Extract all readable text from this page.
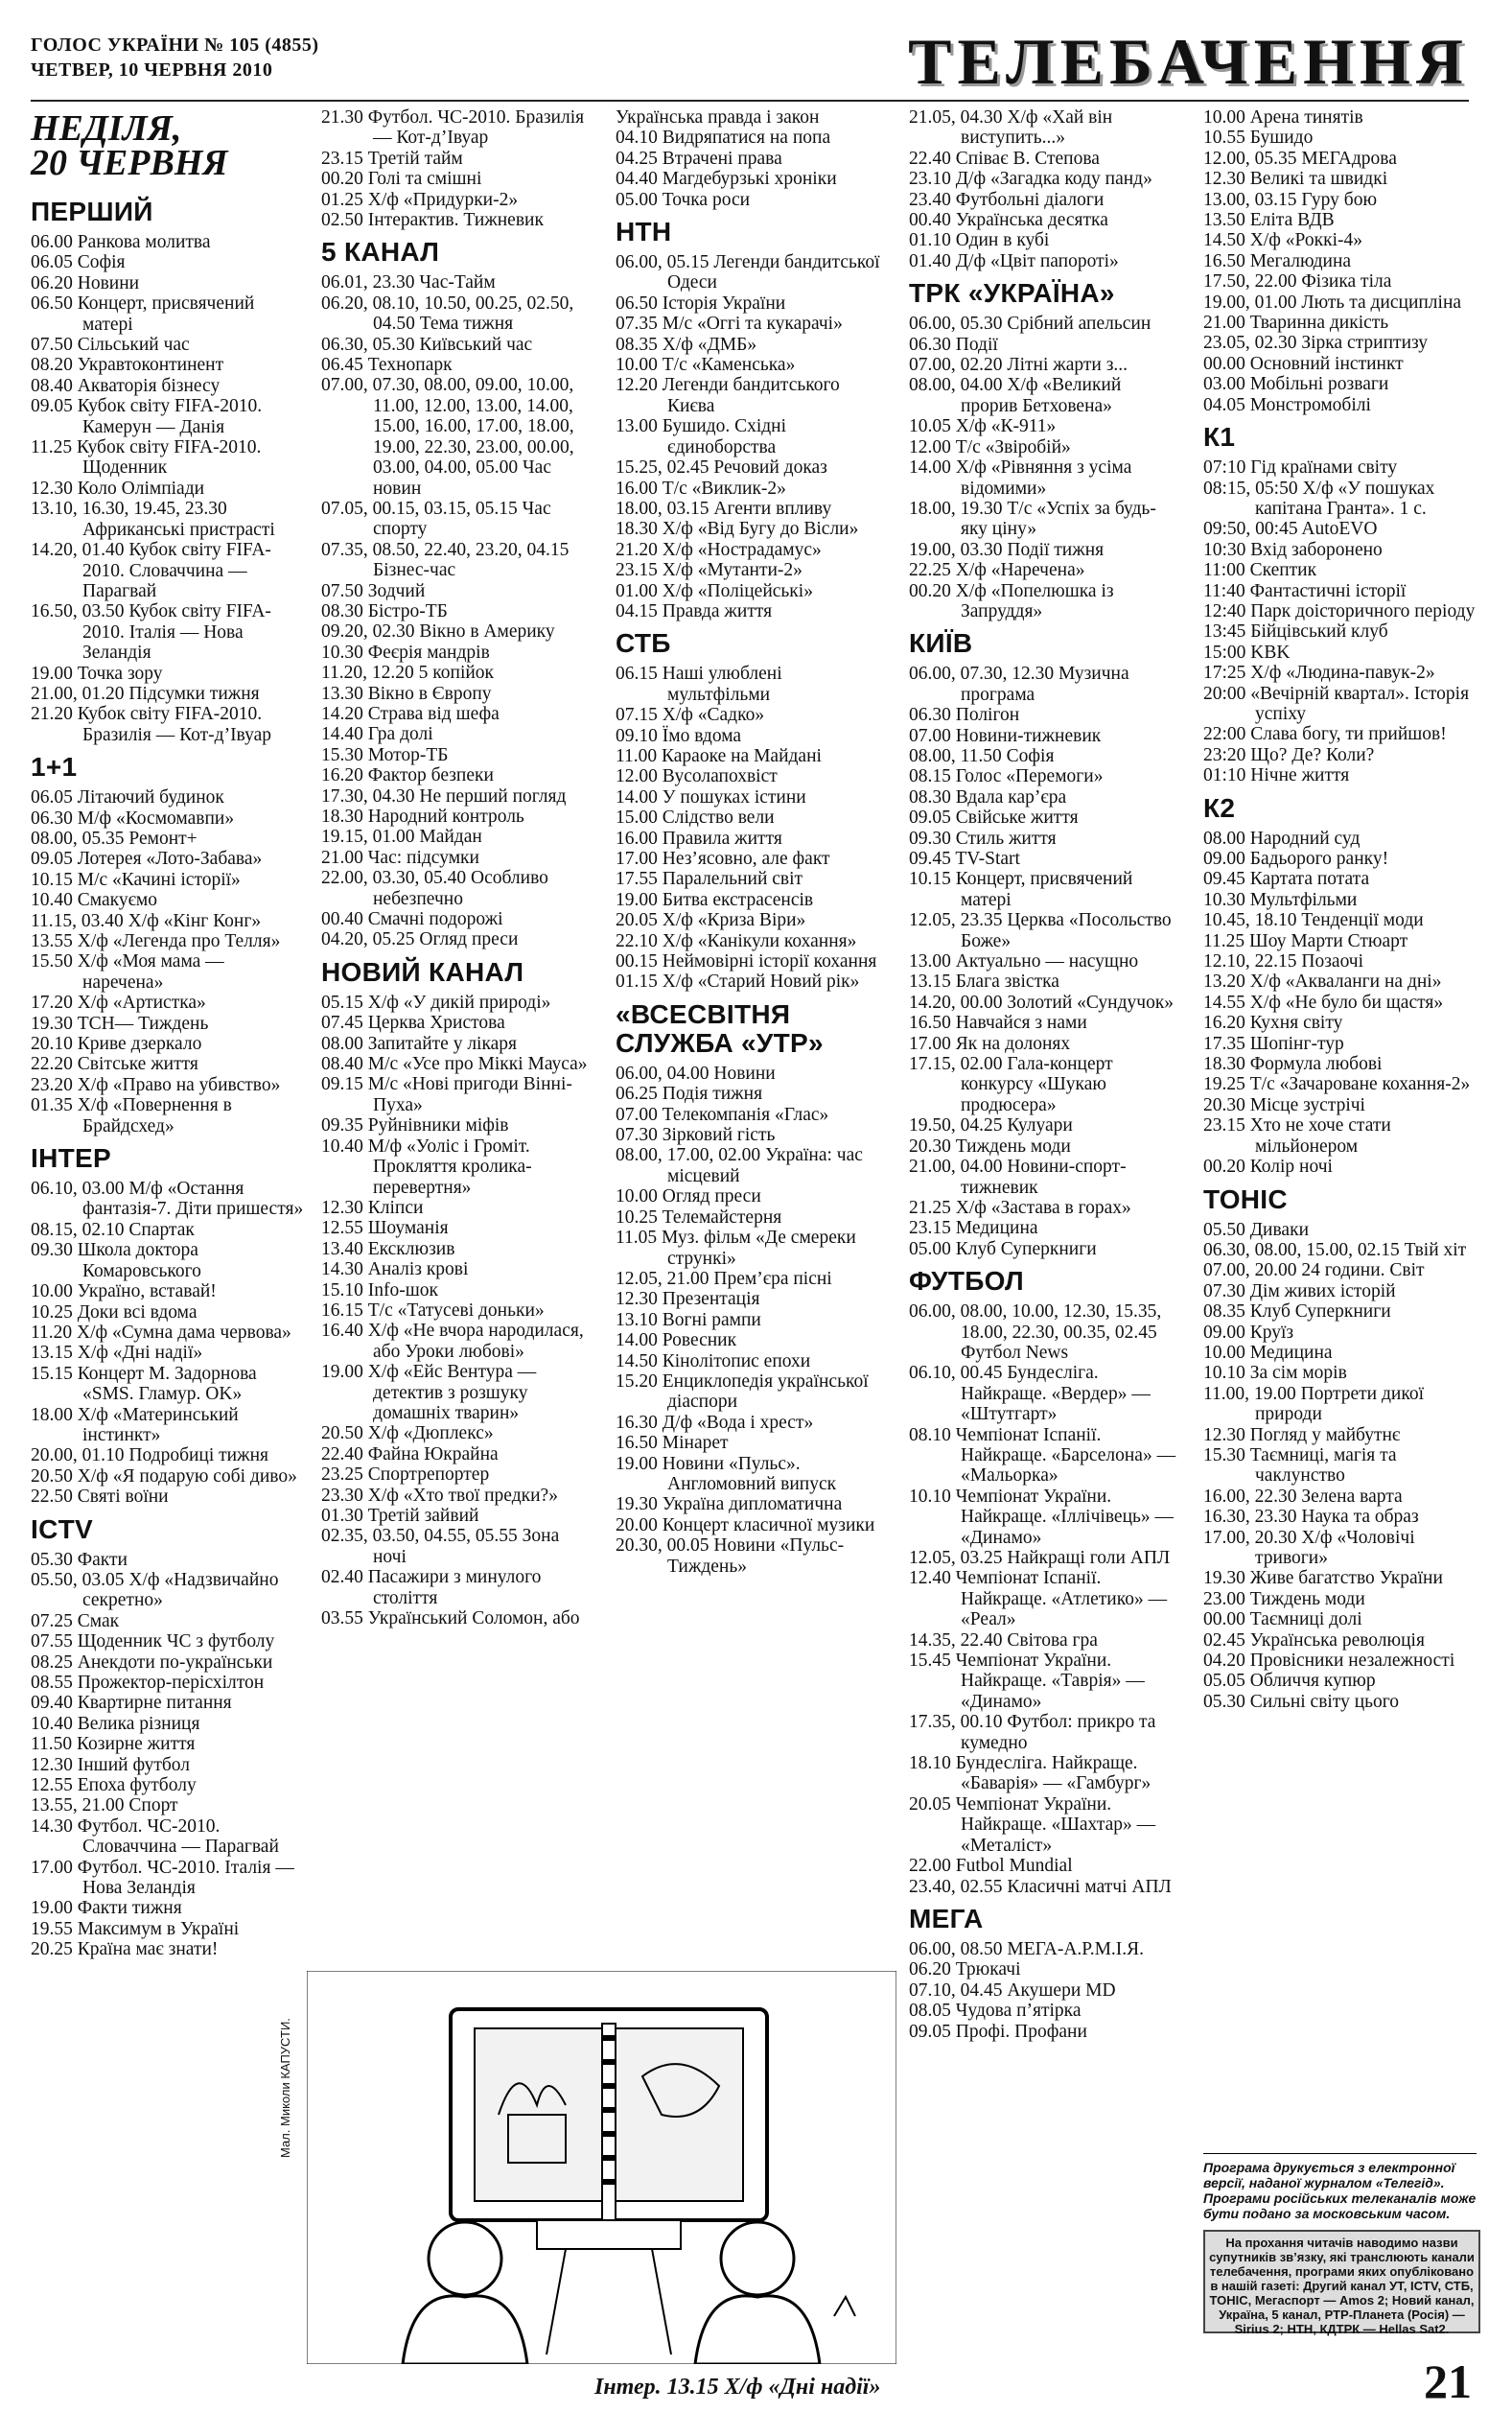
ГОЛОС УКРАЇНИ № 105 (4855)
ЧЕТВЕР, 10 ЧЕРВНЯ 2010	ТЕЛЕБАЧЕННЯ
НЕДІЛЯ,
20 ЧЕРВНЯ
ПЕРШИЙ
06.00 Ранкова молитва
06.05 Софія
06.20 Новини
06.50 Концерт, присвячений матері
07.50 Сільський час
08.20 Укравтоконтинент
08.40 Акваторія бізнесу
09.05 Кубок світу FIFA-2010. Камерун — Данія
11.25 Кубок світу FIFA-2010. Щоденник
12.30 Коло Олімпіади
13.10, 16.30, 19.45, 23.30 Африканські пристрасті
14.20, 01.40 Кубок світу FIFA-2010. Словаччина — Парагвай
16.50, 03.50 Кубок світу FIFA-2010. Італія — Нова Зеландія
19.00 Точка зору
21.00, 01.20 Підсумки тижня
21.20 Кубок світу FIFA-2010. Бразилія — Кот-д’Івуар
1+1
06.05 Літаючий будинок
06.30 М/ф «Космомавпи»
08.00, 05.35 Ремонт+
09.05 Лотерея «Лото-Забава»
10.15 М/с «Качині історії»
10.40 Смакуємо
11.15, 03.40 Х/ф «Кінг Конг»
13.55 Х/ф «Легенда про Телля»
15.50 Х/ф «Моя мама — наречена»
17.20 Х/ф «Артистка»
19.30 ТСН— Тиждень
20.10 Криве дзеркало
22.20 Світське життя
23.20 Х/ф «Право на убивство»
01.35 Х/ф «Повернення в Брайдсхед»
ІНТЕР
06.10, 03.00 М/ф «Остання фантазія-7. Діти пришестя»
08.15, 02.10 Спартак
09.30 Школа доктора Комаровського
10.00 Україно, вставай!
10.25 Доки всі вдома
11.20 Х/ф «Сумна дама червова»
13.15 Х/ф «Дні надії»
15.15 Концерт М. Задорнова «SMS. Гламур. OK»
18.00 Х/ф «Материнський інстинкт»
20.00, 01.10 Подробиці тижня
20.50 Х/ф «Я подарую собі диво»
22.50 Святі воїни
ICTV
05.30 Факти
05.50, 03.05 Х/ф «Надзвичайно секретно»
07.25 Смак
07.55 Щоденник ЧС з футболу
08.25 Анекдоти по-українськи
08.55 Прожектор-перісхілтон
09.40 Квартирне питання
10.40 Велика різниця
11.50 Козирне життя
12.30 Інший футбол
12.55 Епоха футболу
13.55, 21.00 Спорт
14.30 Футбол. ЧС-2010. Словаччина — Парагвай
17.00 Футбол. ЧС-2010. Італія — Нова Зеландія
19.00 Факти тижня
19.55 Максимум в Україні
20.25 Країна має знати!
21.30 Футбол. ЧС-2010. Бразилія — Кот-д’Івуар
23.15 Третій тайм
00.20 Голі та смішні
01.25 Х/ф «Придурки-2»
02.50 Інтерактив. Тижневик
5 КАНАЛ
06.01, 23.30 Час-Тайм
06.20, 08.10, 10.50, 00.25, 02.50, 04.50 Тема тижня
06.30, 05.30 Київський час
06.45 Технопарк
07.00, 07.30, 08.00, 09.00, 10.00, 11.00, 12.00, 13.00, 14.00, 15.00, 16.00, 17.00, 18.00, 19.00, 22.30, 23.00, 00.00, 03.00, 04.00, 05.00 Час новин
07.05, 00.15, 03.15, 05.15 Час спорту
07.35, 08.50, 22.40, 23.20, 04.15 Бізнес-час
07.50 Зодчий
08.30 Бістро-ТБ
09.20, 02.30 Вікно в Америку
10.30 Феєрія мандрів
11.20, 12.20 5 копійок
13.30 Вікно в Європу
14.20 Страва від шефа
14.40 Гра долі
15.30 Мотор-ТБ
16.20 Фактор безпеки
17.30, 04.30 Не перший погляд
18.30 Народний контроль
19.15, 01.00 Майдан
21.00 Час: підсумки
22.00, 03.30, 05.40 Особливо небезпечно
00.40 Смачні подорожі
04.20, 05.25 Огляд преси
НОВИЙ КАНАЛ
05.15 Х/ф «У дикій природі»
07.45 Церква Христова
08.00 Запитайте у лікаря
08.40 М/с «Усе про Міккі Мауса»
09.15 М/с «Нові пригоди Вінні-Пуха»
09.35 Руйнівники міфів
10.40 М/ф «Уоліс і Громіт. Прокляття кролика-перевертня»
12.30 Кліпси
12.55 Шоуманія
13.40 Ексклюзив
14.30 Аналіз крові
15.10 Info-шок
16.15 Т/с «Татусеві доньки»
16.40 Х/ф «Не вчора народилася, або Уроки любові»
19.00 Х/ф «Ейс Вентура — детектив з розшуку домашніх тварин»
20.50 Х/ф «Дюплекс»
22.40 Файна Юкрайна
23.25 Спортрепортер
23.30 Х/ф «Хто твої предки?»
01.30 Третій зайвий
02.35, 03.50, 04.55, 05.55 Зона ночі
02.40 Пасажири з минулого століття
03.55 Український Соломон, або
Українська правда і закон
04.10 Видряпатися на попа
04.25 Втрачені права
04.40 Магдебурзькі хроніки
05.00 Точка роси
НТН
06.00, 05.15 Легенди бандитської Одеси
06.50 Історія України
07.35 М/с «Оггі та кукарачі»
08.35 Х/ф «ДМБ»
10.00 Т/с «Каменська»
12.20 Легенди бандитського Києва
13.00 Бушидо. Східні єдиноборства
15.25, 02.45 Речовий доказ
16.00 Т/с «Виклик-2»
18.00, 03.15 Агенти впливу
18.30 Х/ф «Від Бугу до Вісли»
21.20 Х/ф «Нострадамус»
23.15 Х/ф «Мутанти-2»
01.00 Х/ф «Поліцейські»
04.15 Правда життя
СТБ
06.15 Наші улюблені мультфільми
07.15 Х/ф «Садко»
09.10 Їмо вдома
11.00 Караоке на Майдані
12.00 Вусолапохвіст
14.00 У пошуках істини
15.00 Слідство вели
16.00 Правила життя
17.00 Нез’ясовно, але факт
17.55 Паралельний світ
19.00 Битва екстрасенсів
20.05 Х/ф «Криза Віри»
22.10 Х/ф «Канікули кохання»
00.15 Неймовірні історії кохання
01.15 Х/ф «Старий Новий рік»
«ВСЕСВІТНЯ СЛУЖБА «УТР»
06.00, 04.00 Новини
06.25 Подія тижня
07.00 Телекомпанія «Глас»
07.30 Зірковий гість
08.00, 17.00, 02.00 Україна: час місцевий
10.00 Огляд преси
10.25 Телемайстерня
11.05 Муз. фільм «Де смереки стрункі»
12.05, 21.00 Прем’єра пісні
12.30 Презентація
13.10 Вогні рампи
14.00 Ровесник
14.50 Кінолітопис епохи
15.20 Енциклопедія української діаспори
16.30 Д/ф «Вода і хрест»
16.50 Мінарет
19.00 Новини «Пульс». Англомовний випуск
19.30 Україна дипломатична
20.00 Концерт класичної музики
20.30, 00.05 Новини «Пульс-Тиждень»
21.05, 04.30 Х/ф «Хай він виступить...»
22.40 Співає В. Степова
23.10 Д/ф «Загадка коду панд»
23.40 Футбольні діалоги
00.40 Українська десятка
01.10 Один в кубі
01.40 Д/ф «Цвіт папороті»
ТРК «УКРАЇНА»
06.00, 05.30 Срібний апельсин
06.30 Події
07.00, 02.20 Літні жарти з...
08.00, 04.00 Х/ф «Великий прорив Бетховена»
10.05 Х/ф «К-911»
12.00 Т/с «Звіробій»
14.00 Х/ф «Рівняння з усіма відомими»
18.00, 19.30 Т/с «Успіх за будь-яку ціну»
19.00, 03.30 Події тижня
22.25 Х/ф «Наречена»
00.20 Х/ф «Попелюшка із Запруддя»
КИЇВ
06.00, 07.30, 12.30 Музична програма
06.30 Полігон
07.00 Новини-тижневик
08.00, 11.50 Софія
08.15 Голос «Перемоги»
08.30 Вдала кар’єра
09.05 Свійське життя
09.30 Стиль життя
09.45 TV-Start
10.15 Концерт, присвячений матері
12.05, 23.35 Церква «Посольство Боже»
13.00 Актуально — насущно
13.15 Блага звістка
14.20, 00.00 Золотий «Сундучок»
16.50 Навчайся з нами
17.00 Як на долонях
17.15, 02.00 Гала-концерт конкурсу «Шукаю продюсера»
19.50, 04.25 Кулуари
20.30 Тиждень моди
21.00, 04.00 Новини-спорт-тижневик
21.25 Х/ф «Застава в горах»
23.15 Медицина
05.00 Клуб Суперкниги
ФУТБОЛ
06.00, 08.00, 10.00, 12.30, 15.35, 18.00, 22.30, 00.35, 02.45 Футбол News
06.10, 00.45 Бундесліга. Найкраще. «Вердер» — «Штутгарт»
08.10 Чемпіонат Іспанії. Найкраще. «Барселона» — «Мальорка»
10.10 Чемпіонат України. Найкраще. «Іллічівець» — «Динамо»
12.05, 03.25 Найкращі голи АПЛ
12.40 Чемпіонат Іспанії. Найкраще. «Атлетико» — «Реал»
14.35, 22.40 Світова гра
15.45 Чемпіонат України. Найкраще. «Таврія» — «Динамо»
17.35, 00.10 Футбол: прикро та кумедно
18.10 Бундесліга. Найкраще. «Баварія» — «Гамбург»
20.05 Чемпіонат України. Найкраще. «Шахтар» — «Металіст»
22.00 Futbol Mundial
23.40, 02.55 Класичні матчі АПЛ
МЕГА
06.00, 08.50 МЕГА-А.Р.М.І.Я.
06.20 Трюкачі
07.10, 04.45 Акушери MD
08.05 Чудова п’ятірка
09.05 Профі. Профани
10.00 Арена тинятів
10.55 Бушидо
12.00, 05.35 МЕГАдрова
12.30 Великі та швидкі
13.00, 03.15 Гуру бою
13.50 Еліта ВДВ
14.50 Х/ф «Роккі-4»
16.50 Мегалюдина
17.50, 22.00 Фізика тіла
19.00, 01.00 Лють та дисципліна
21.00 Тваринна дикість
23.05, 02.30 Зірка стриптизу
00.00 Основний інстинкт
03.00 Мобільні розваги
04.05 Монстромобілі
К1
07:10 Гід країнами світу
08:15, 05:50 Х/ф «У пошуках капітана Гранта». 1 с.
09:50, 00:45 AutoEVO
10:30 Вхід заборонено
11:00 Скептик
11:40 Фантастичні історії
12:40 Парк доісторичного періоду
13:45 Бійцівський клуб
15:00 KBK
17:25 Х/ф «Людина-павук-2»
20:00 «Вечірній квартал». Історія успіху
22:00 Слава богу, ти прийшов!
23:20 Що? Де? Коли?
01:10 Нічне життя
К2
08.00 Народний суд
09.00 Бадьорого ранку!
09.45 Картата потата
10.30 Мультфільми
10.45, 18.10 Тенденції моди
11.25 Шоу Марти Стюарт
12.10, 22.15 Позаочі
13.20 Х/ф «Акваланги на дні»
14.55 Х/ф «Не було би щастя»
16.20 Кухня світу
17.35 Шопінг-тур
18.30 Формула любові
19.25 Т/с «Зачароване кохання-2»
20.30 Місце зустрічі
23.15 Хто не хоче стати мільйонером
00.20 Колір ночі
ТОНІС
05.50 Диваки
06.30, 08.00, 15.00, 02.15 Твій хіт
07.00, 20.00 24 години. Світ
07.30 Дім живих історій
08.35 Клуб Суперкниги
09.00 Круїз
10.00 Медицина
10.10 За сім морів
11.00, 19.00 Портрети дикої природи
12.30 Погляд у майбутнє
15.30 Таємниці, магія та чаклунство
16.00, 22.30 Зелена варта
16.30, 23.30 Наука та образ
17.00, 20.30 Х/ф «Чоловічі тривоги»
19.30 Живе багатство України
23.00 Тиждень моди
00.00 Таємниці долі
02.45 Українська революція
04.20 Провісники незалежності
05.05 Обличчя купюр
05.30 Сильні світу цього
Мал. Миколи КАПУСТИ.
Програма друкується з електронної версії, наданої журналом «Телегід». Програми російських телеканалів може бути подано за московським часом.
На прохання читачів наводимо назви супутників зв’язку, які транслюють канали телебачення, програми яких опубліковано в нашій газеті: Другий канал УТ, ICTV, СТБ, ТОНІС, Мегаспорт — Amos 2; Новий канал, Україна, 5 канал, РТР-Планета (Росія) — Sirius 2; НТН, КДТРК — Hellas Sat2.
Інтер. 13.15 Х/ф «Дні надії»	21
